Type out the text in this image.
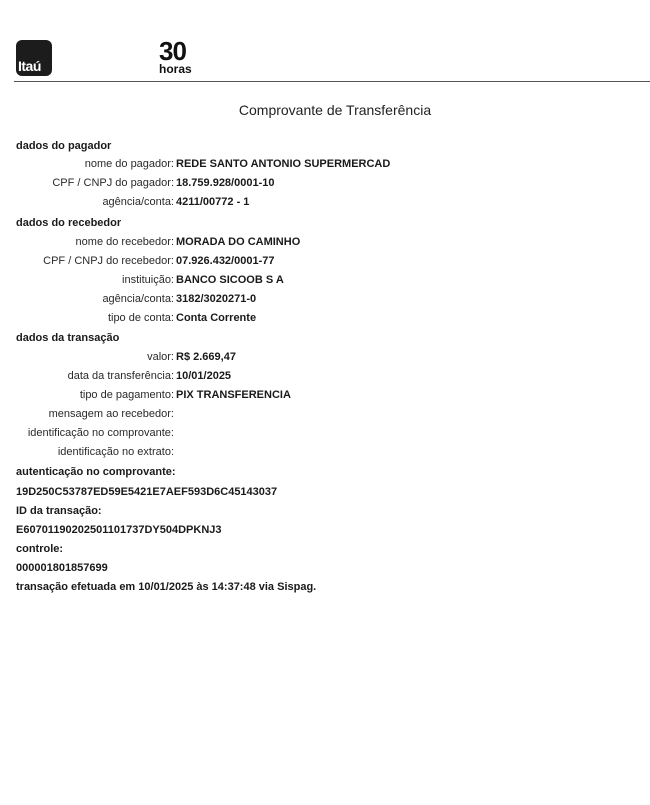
Itaú	30
horas
Comprovante de Transferência
dados do pagador
nome do pagador: REDE SANTO ANTONIO SUPERMERCAD
CPF / CNPJ do pagador: 18.759.928/0001-10
agência/conta: 4211/00772 - 1
dados do recebedor
nome do recebedor: MORADA DO CAMINHO
CPF / CNPJ do recebedor: 07.926.432/0001-77
instituição: BANCO SICOOB S A
agência/conta: 3182/3020271-0
tipo de conta: Conta Corrente
dados da transação
valor: R$ 2.669,47
data da transferência: 10/01/2025
tipo de pagamento: PIX TRANSFERENCIA
mensagem ao recebedor:
identificação no comprovante:
identificação no extrato:
autenticação no comprovante:
19D250C53787ED59E5421E7AEF593D6C45143037
ID da transação:
E60701190202501101737DY504DPKNJ3
controle:
000001801857699
transação efetuada em 10/01/2025 às 14:37:48 via Sispag.
